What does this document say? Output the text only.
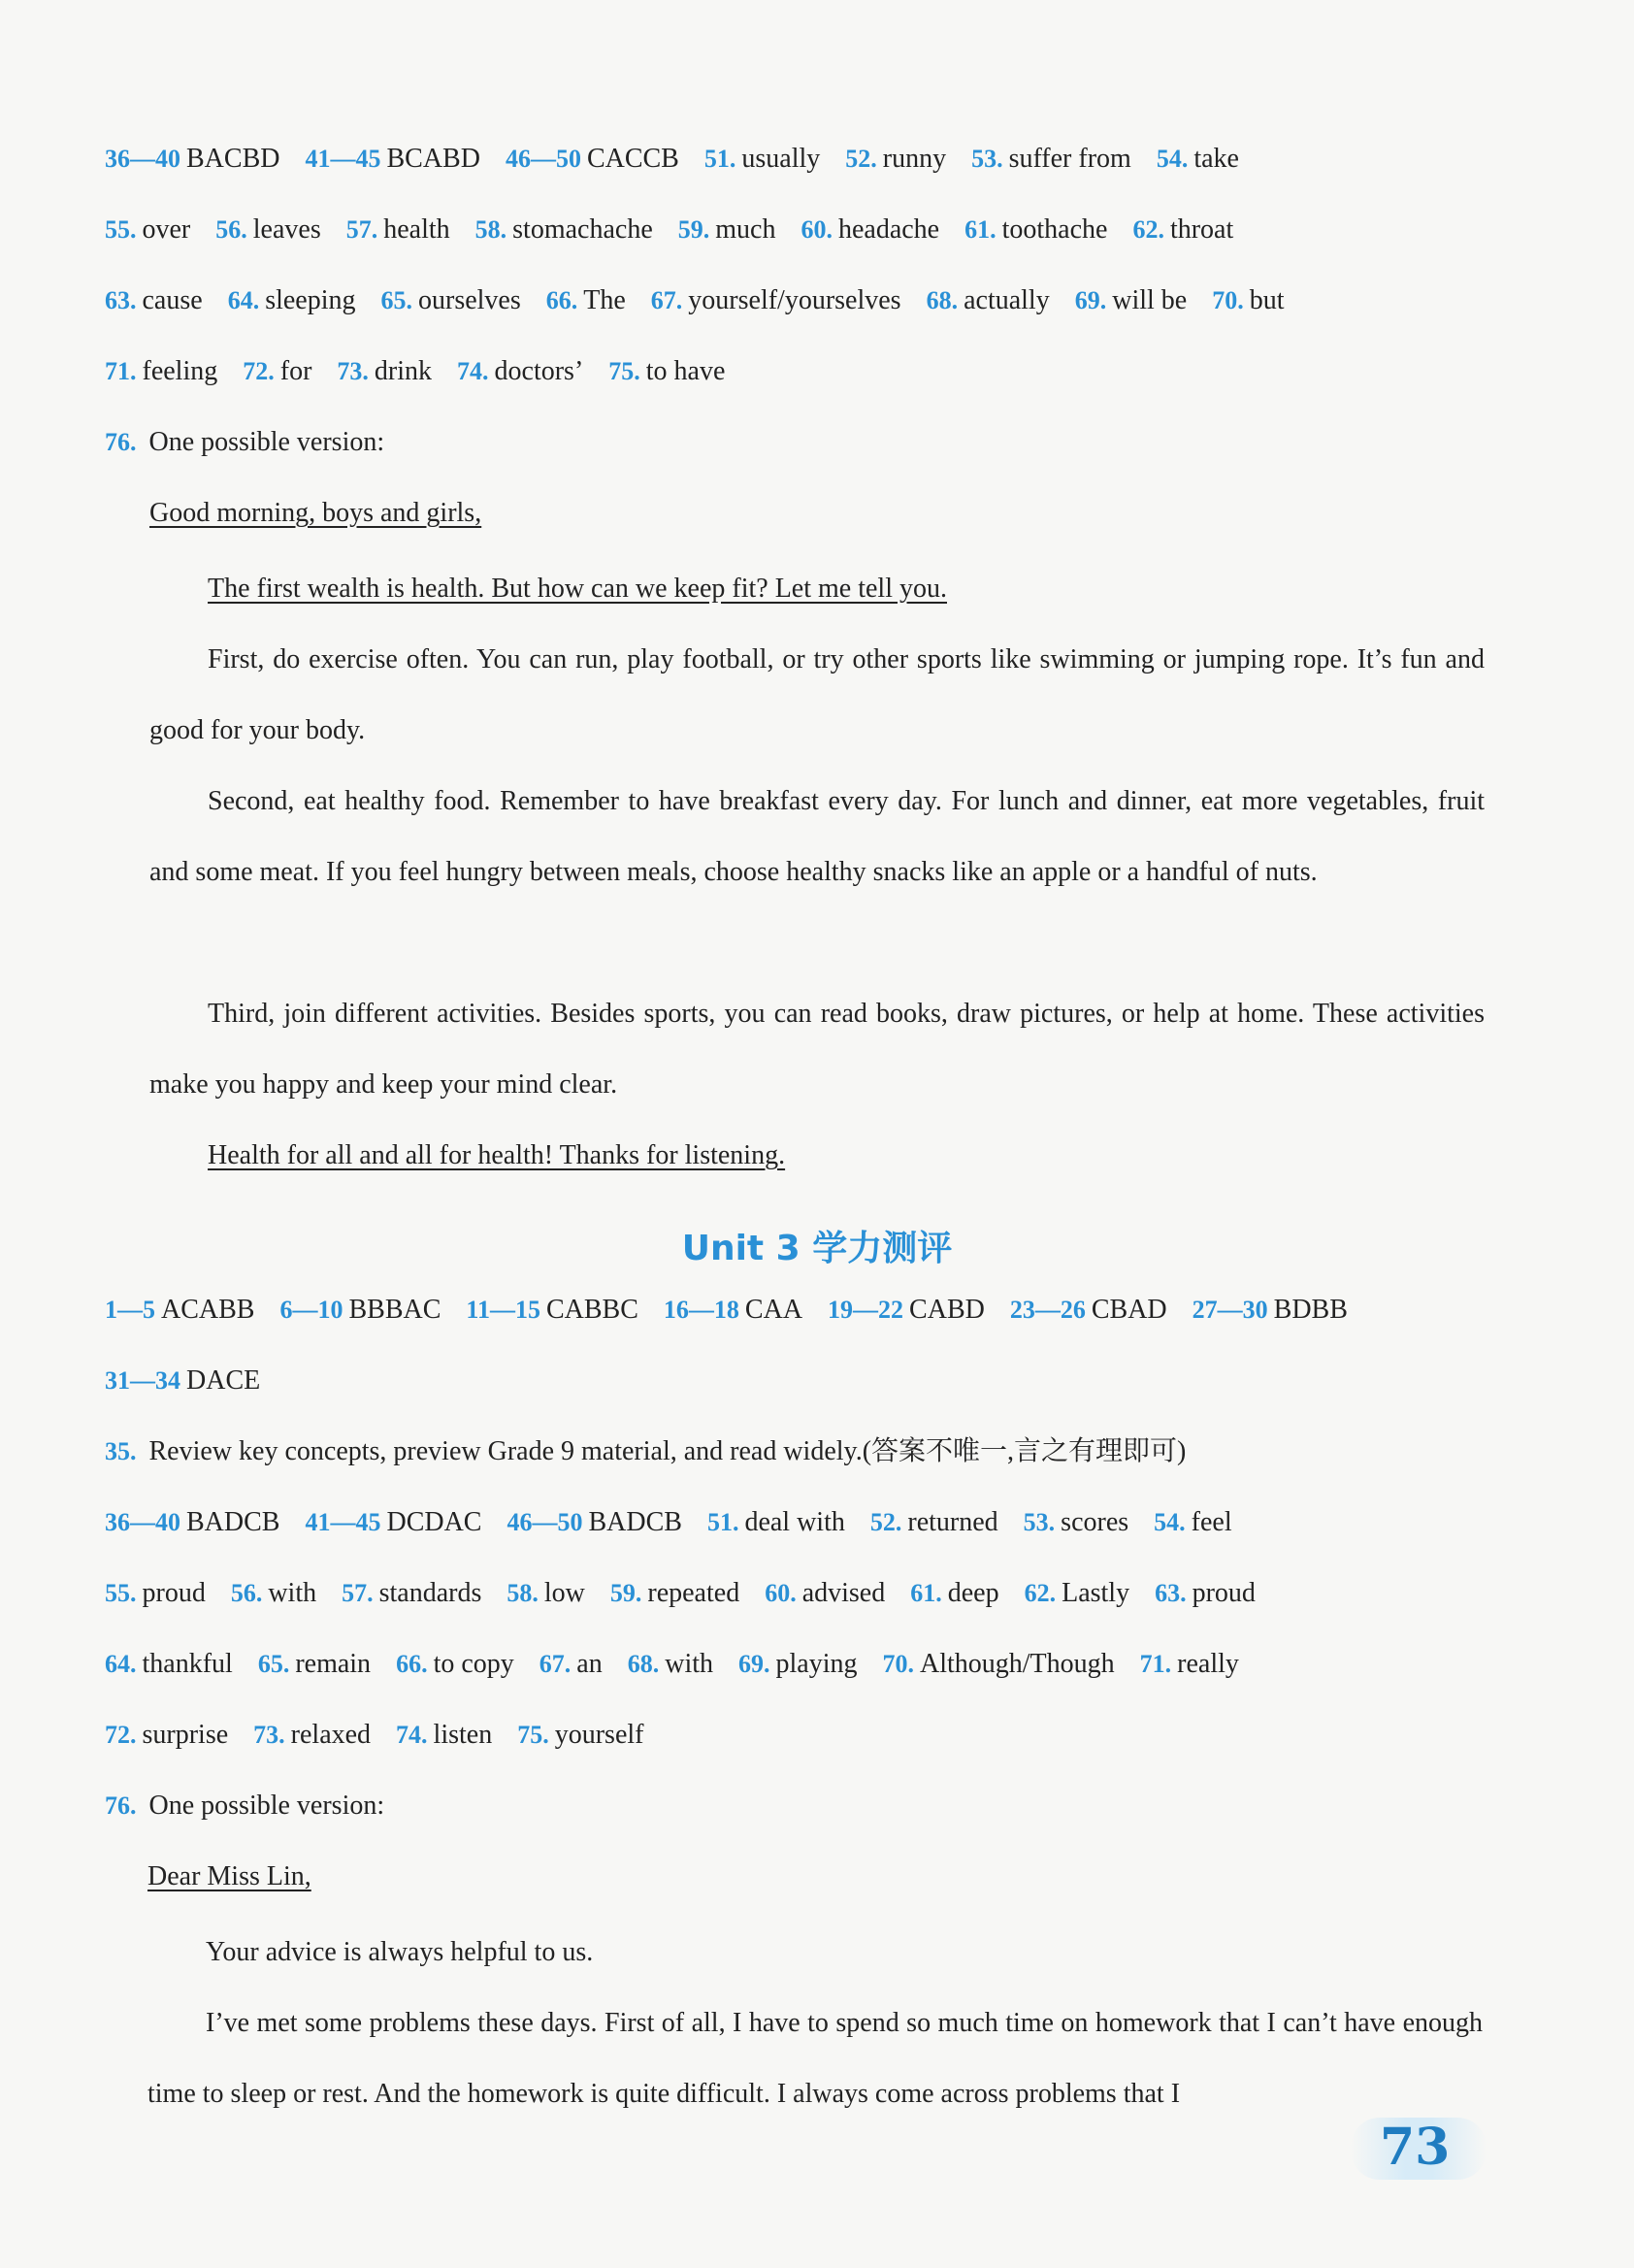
36—40 BACBD 41—45 BCABD 46—50 CACCB 51. usually 52. runny 53. suffer from 54. take
55. over 56. leaves 57. health 58. stomachache 59. much 60. headache 61. toothache 62. throat
63. cause 64. sleeping 65. ourselves 66. The 67. yourself/yourselves 68. actually 69. will be 70. but
71. feeling 72. for 73. drink 74. doctors’ 75. to have
76. One possible version:
Good morning, boys and girls,
The first wealth is health. But how can we keep fit? Let me tell you.
First, do exercise often. You can run, play football, or try other sports like swimming or jumping rope. It’s fun and good for your body.
Second, eat healthy food. Remember to have breakfast every day. For lunch and dinner, eat more vegetables, fruit and some meat. If you feel hungry between meals, choose healthy snacks like an apple or a handful of nuts.
Third, join different activities. Besides sports, you can read books, draw pictures, or help at home. These activities make you happy and keep your mind clear.
Health for all and all for health! Thanks for listening.
Unit 3 学力测评
1—5 ACABB 6—10 BBBAC 11—15 CABBC 16—18 CAA 19—22 CABD 23—26 CBAD 27—30 BDBB
31—34 DACE
35. Review key concepts, preview Grade 9 material, and read widely.(答案不唯一,言之有理即可)
36—40 BADCB 41—45 DCDAC 46—50 BADCB 51. deal with 52. returned 53. scores 54. feel
55. proud 56. with 57. standards 58. low 59. repeated 60. advised 61. deep 62. Lastly 63. proud
64. thankful 65. remain 66. to copy 67. an 68. with 69. playing 70. Although/Though 71. really
72. surprise 73. relaxed 74. listen 75. yourself
76. One possible version:
Dear Miss Lin,
Your advice is always helpful to us.
I’ve met some problems these days. First of all, I have to spend so much time on homework that I can’t have enough time to sleep or rest. And the homework is quite difficult. I always come across problems that I
73
